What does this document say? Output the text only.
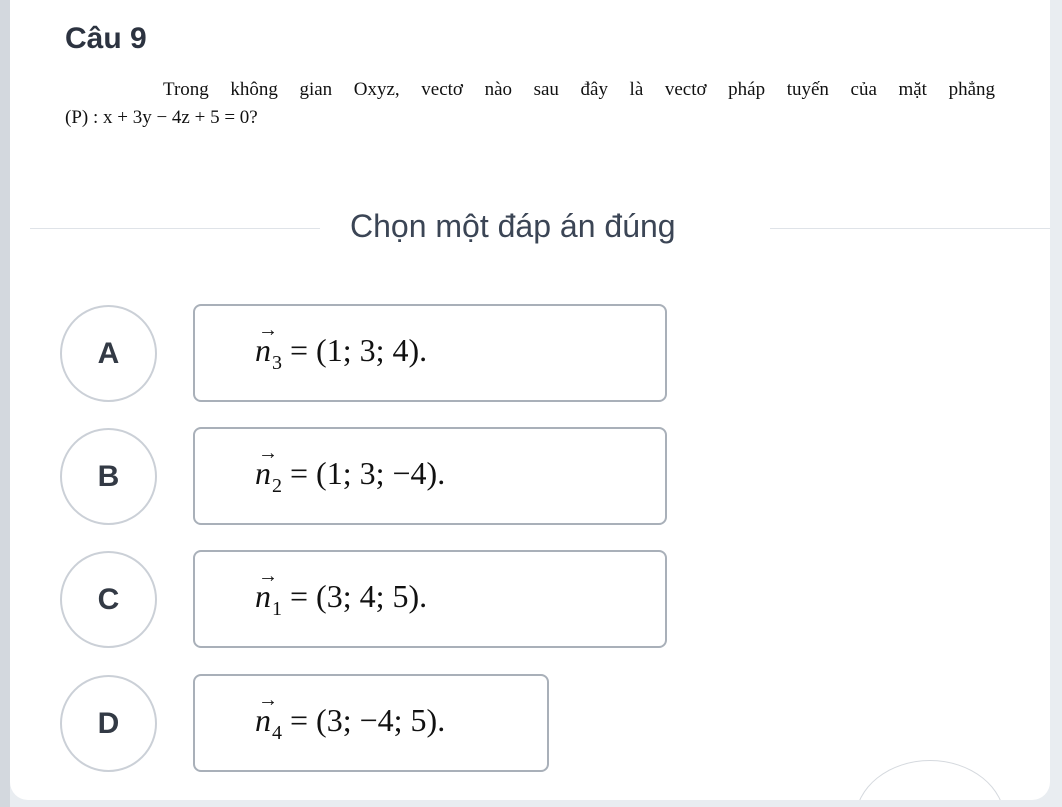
Câu 9
Trong không gian Oxyz, vectơ nào sau đây là vectơ pháp tuyến của mặt phẳng
(P) : x + 3y − 4z + 5 = 0?
Chọn một đáp án đúng
A
→
$n_3 = (1$; 3; 4).
B
→
$n_2 = (1$; 3; −4).
C
→
$n_1 = (3$; 4; 5).
D
→
$n_4 = (3$; −4; 5).
